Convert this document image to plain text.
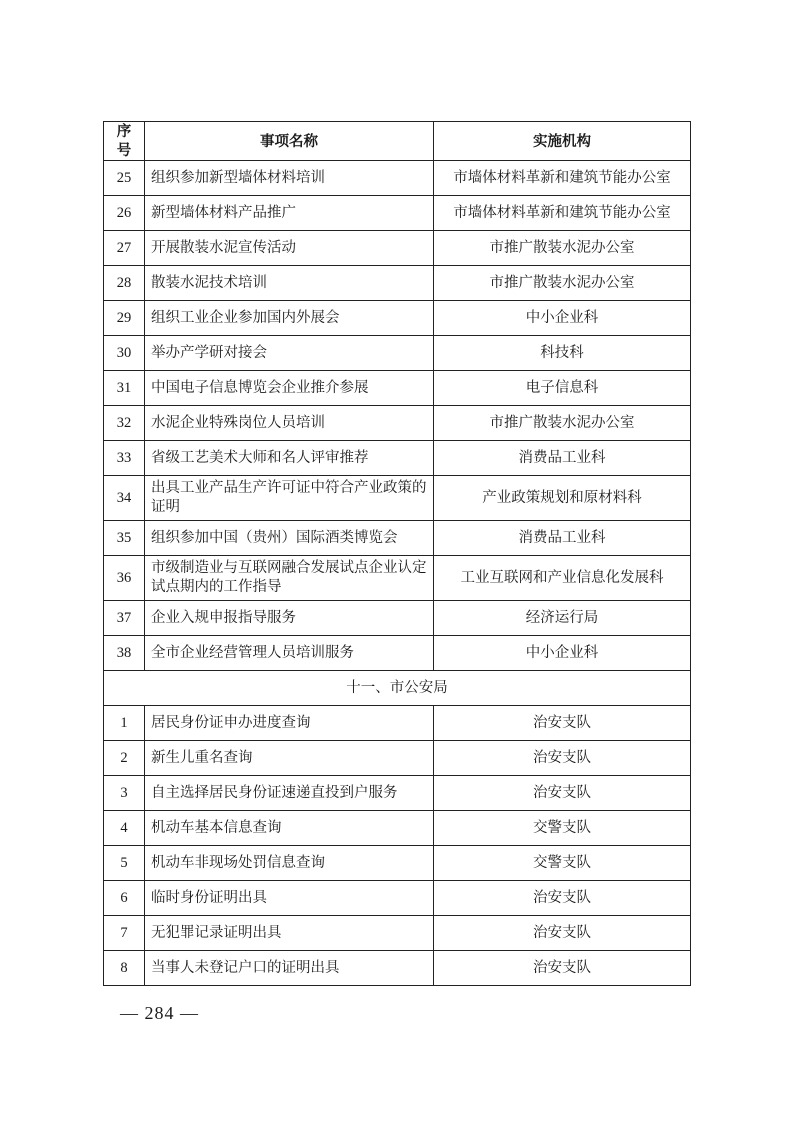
序号	事项名称	实施机构
25	组织参加新型墙体材料培训	市墙体材料革新和建筑节能办公室
26	新型墙体材料产品推广	市墙体材料革新和建筑节能办公室
27	开展散装水泥宣传活动	市推广散装水泥办公室
28	散装水泥技术培训	市推广散装水泥办公室
29	组织工业企业参加国内外展会	中小企业科
30	举办产学研对接会	科技科
31	中国电子信息博览会企业推介参展	电子信息科
32	水泥企业特殊岗位人员培训	市推广散装水泥办公室
33	省级工艺美术大师和名人评审推荐	消费品工业科
34	出具工业产品生产许可证中符合产业政策的证明	产业政策规划和原材料科
35	组织参加中国（贵州）国际酒类博览会	消费品工业科
36	市级制造业与互联网融合发展试点企业认定试点期内的工作指导	工业互联网和产业信息化发展科
37	企业入规申报指导服务	经济运行局
38	全市企业经营管理人员培训服务	中小企业科
十一、市公安局		
1	居民身份证申办进度查询	治安支队
2	新生儿重名查询	治安支队
3	自主选择居民身份证速递直投到户服务	治安支队
4	机动车基本信息查询	交警支队
5	机动车非现场处罚信息查询	交警支队
6	临时身份证明出具	治安支队
7	无犯罪记录证明出具	治安支队
8	当事人未登记户口的证明出具	治安支队
— 284 —
